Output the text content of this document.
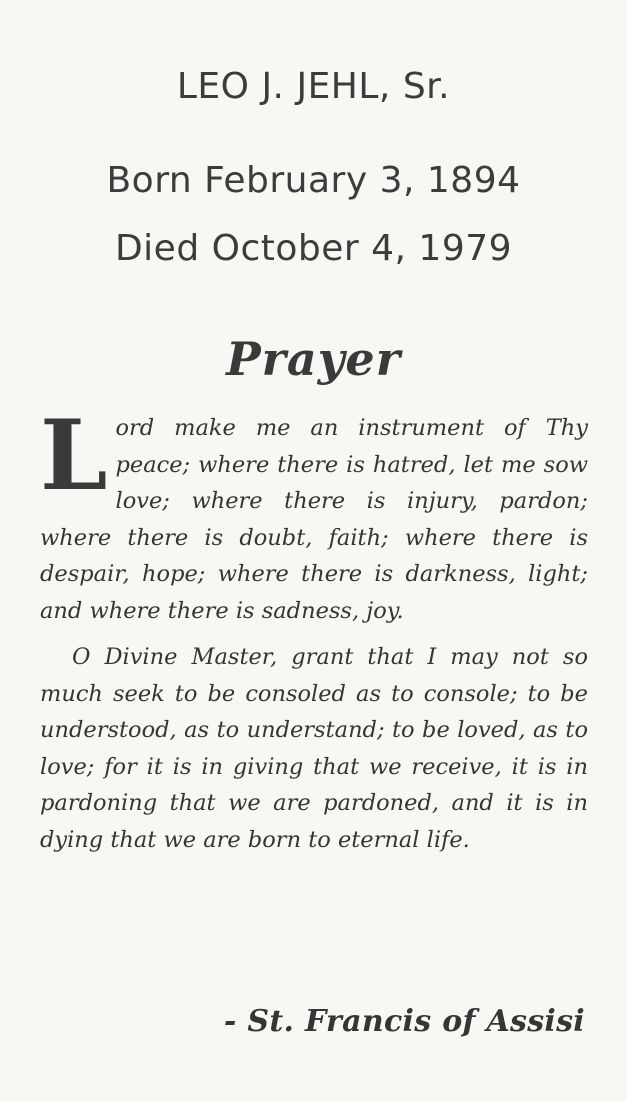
LEO J. JEHL, Sr.
Born February 3, 1894
Died October 4, 1979
Prayer

Lord make me an instrument of Thy peace; where there is hatred, let me sow love; where there is injury, pardon; where there is doubt, faith; where there is despair, hope; where there is darkness, light; and where there is sadness, joy.

O Divine Master, grant that I may not so much seek to be consoled as to console; to be understood, as to understand; to be loved, as to love; for it is in giving that we receive, it is in pardoning that we are pardoned, and it is in dying that we are born to eternal life.

- St. Francis of Assisi
